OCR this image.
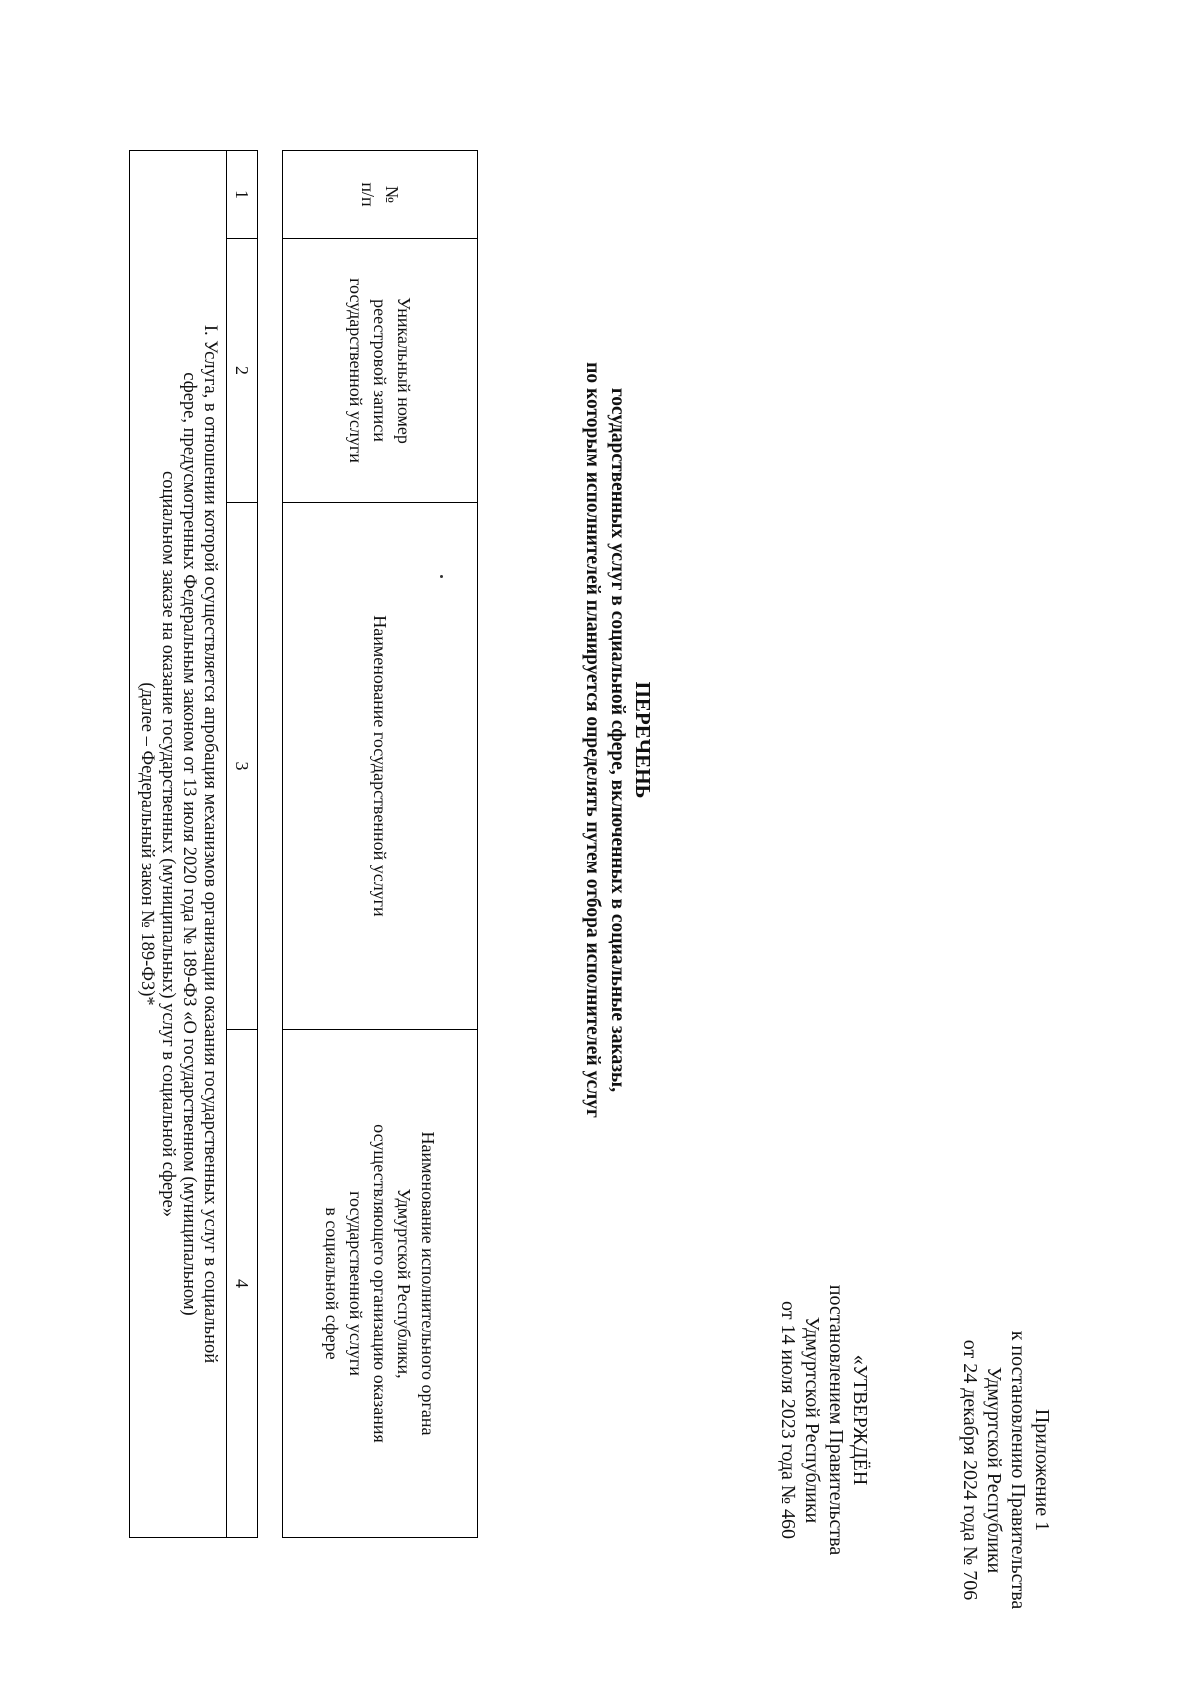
Приложение 1
к постановлению Правительства
Удмуртской Республики
от 24 декабря 2024 года № 706
«УТВЕРЖДЁН
постановлением Правительства
Удмуртской Республики
от 14 июля 2023 года № 460
ПЕРЕЧЕНЬ
государственных услуг в социальной сфере, включенных в социальные заказы,
по которым исполнителей планируется определять путем отбора исполнителей услуг
№
п/п

Уникальный номер
реестровой записи
государственной услуги

Наименование государственной услуги

Наименование исполнительного органа
Удмуртской Республики,
осуществляющего организацию оказания
государственной услуги
в социальной сфере
1	2	3	4

I. Услуга, в отношении которой осуществляется апробация механизмов организации оказания государственных услуг в социальной
сфере, предусмотренных Федеральным законом от 13 июля 2020 года № 189-ФЗ «О государственном (муниципальном)
социальном заказе на оказание государственных (муниципальных) услуг в социальной сфере»
(далее – Федеральный закон № 189-ФЗ)*
